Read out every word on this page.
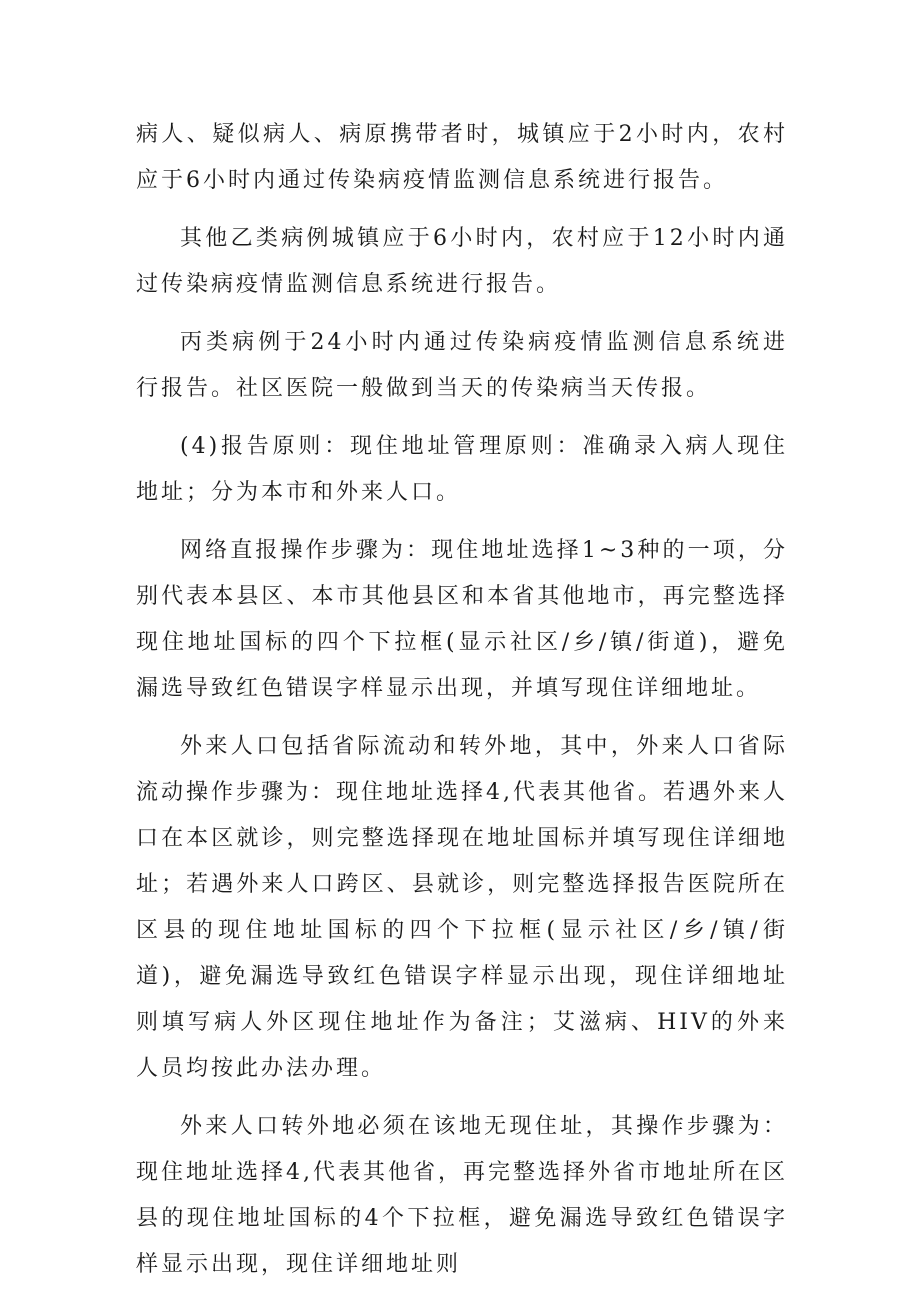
病人、疑似病人、病原携带者时，城镇应于2小时内，农村应于6小时内通过传染病疫情监测信息系统进行报告。

其他乙类病例城镇应于6小时内，农村应于12小时内通过传染病疫情监测信息系统进行报告。

丙类病例于24小时内通过传染病疫情监测信息系统进行报告。社区医院一般做到当天的传染病当天传报。

(4)报告原则：现住地址管理原则：准确录入病人现住地址；分为本市和外来人口。

网络直报操作步骤为：现住地址选择1~3种的一项，分别代表本县区、本市其他县区和本省其他地市，再完整选择现住地址国标的四个下拉框(显示社区/乡/镇/街道)，避免漏选导致红色错误字样显示出现，并填写现住详细地址。

外来人口包括省际流动和转外地，其中，外来人口省际流动操作步骤为：现住地址选择4,代表其他省。若遇外来人口在本区就诊，则完整选择现在地址国标并填写现住详细地址；若遇外来人口跨区、县就诊，则完整选择报告医院所在区县的现住地址国标的四个下拉框(显示社区/乡/镇/街道)，避免漏选导致红色错误字样显示出现，现住详细地址则填写病人外区现住地址作为备注；艾滋病、HIV的外来人员均按此办法办理。

外来人口转外地必须在该地无现住址，其操作步骤为：现住地址选择4,代表其他省，再完整选择外省市地址所在区县的现住地址国标的4个下拉框，避免漏选导致红色错误字样显示出现，现住详细地址则
